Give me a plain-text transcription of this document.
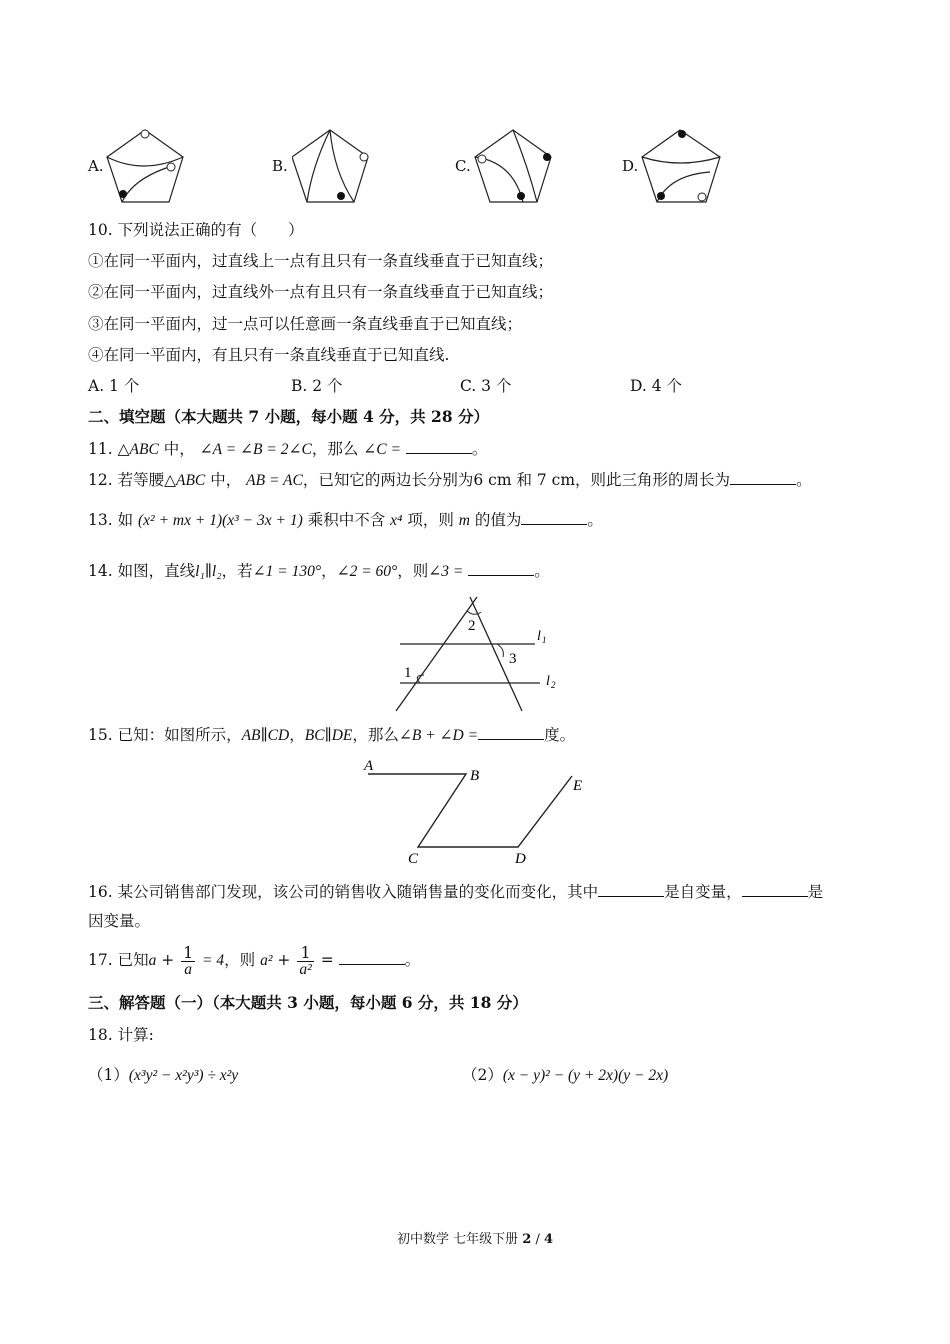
A.	B.	C.	D.
10. 下列说法正确的有（　　）
①在同一平面内，过直线上一点有且只有一条直线垂直于已知直线；
②在同一平面内，过直线外一点有且只有一条直线垂直于已知直线；
③在同一平面内，过一点可以任意画一条直线垂直于已知直线；
④在同一平面内，有且只有一条直线垂直于已知直线.
A. 1 个	B. 2 个	C. 3 个	D. 4 个
二、填空题（本大题共 7 小题，每小题 4 分，共 28 分）
11. △ABC 中， ∠A = ∠B = 2∠C，那么 ∠C =	。
12. 若等腰△ABC 中， AB = AC，已知它的两边长分别为6 cm 和 7 cm，则此三角形的周长为	。
13. 如 (x² + mx + 1)(x³ − 3x + 1) 乘积中不含 x⁴ 项，则 m 的值为	。
14. 如图，直线l₁∥l₂，若∠1 = 130°，∠2 = 60°，则∠3 =	。
2
3
1
l 1
l 2
15. 已知：如图所示，AB∥CD，BC∥DE，那么∠B + ∠D =	度。
A
B
C	D
E
16. 某公司销售部门发现，该公司的销售收入随销售量的变化而变化，其中	是自变量，	是
因变量。
17. 已知$a + \frac{1}{a} = 4$，则 $a^2 + \frac{1}{\text{a²}}$ =	。
三、解答题（一）（本大题共 3 小题，每小题 6 分，共 18 分）
18. 计算:
（1）(x³y² − x²y³) ÷ x²y	（2）(x − y)² − (y + 2x)(y − 2x)
初中数学 七年级下册 2 / 4
